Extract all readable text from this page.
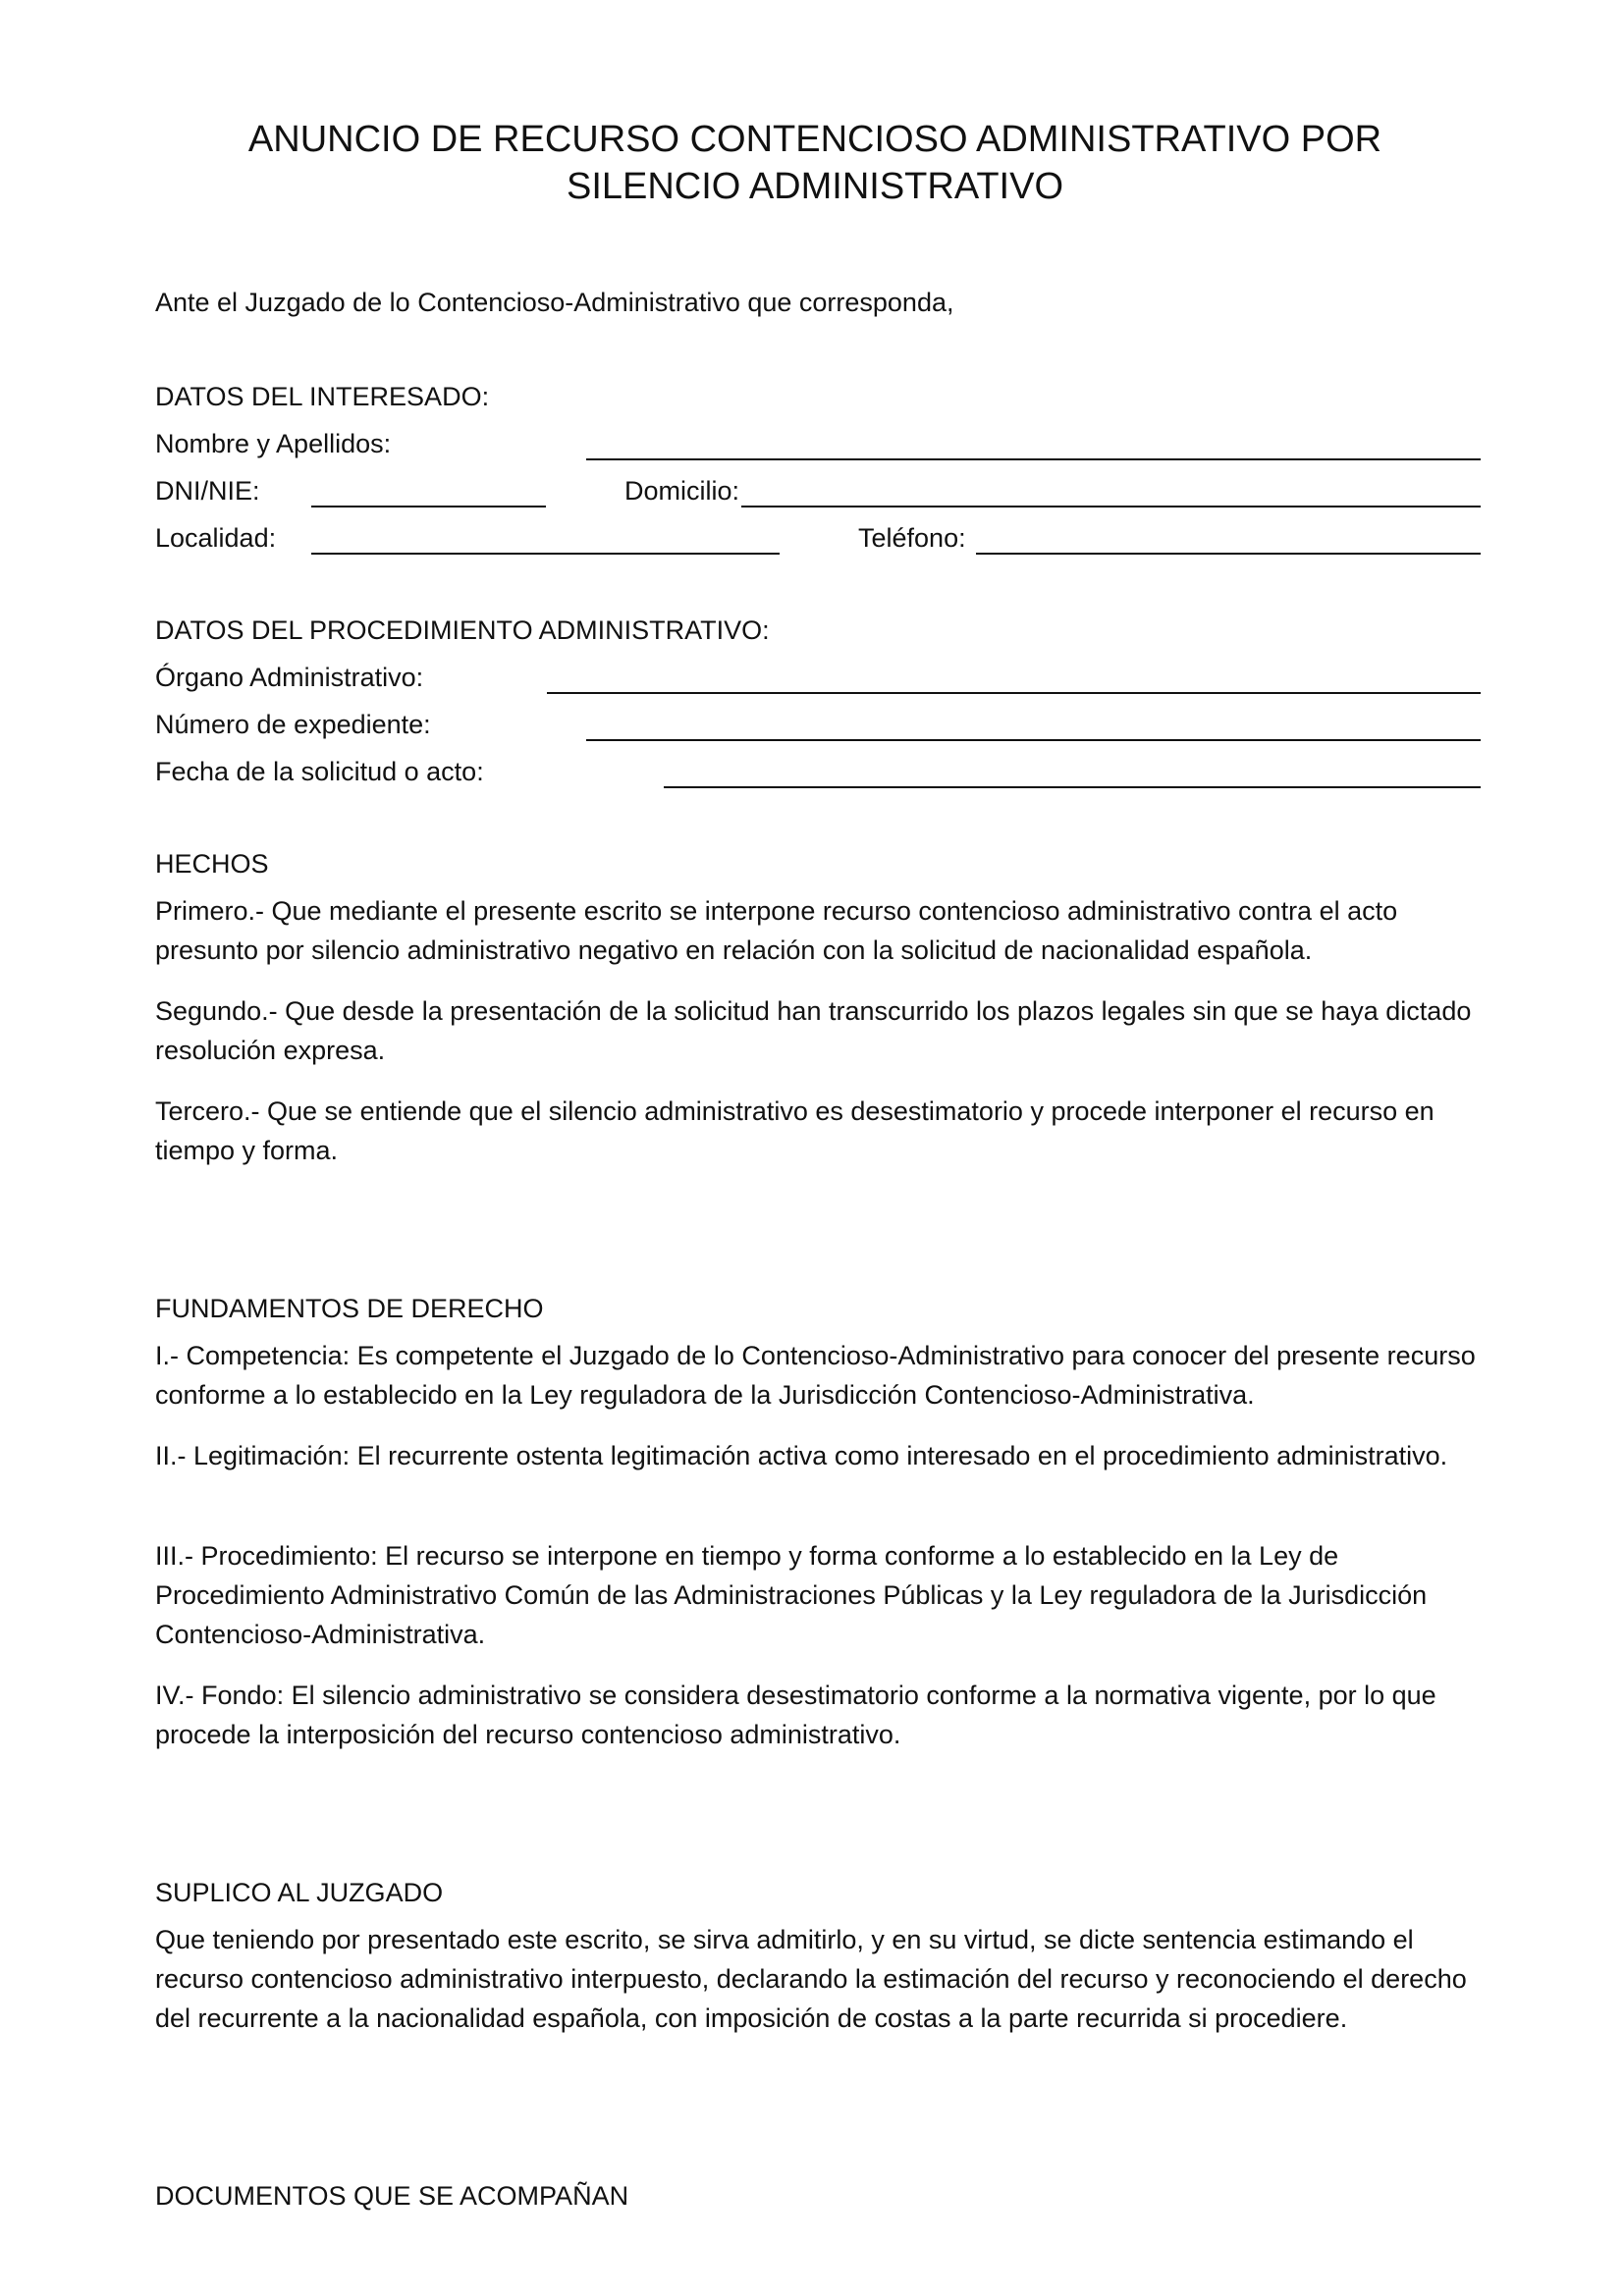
ANUNCIO DE RECURSO CONTENCIOSO ADMINISTRATIVO POR
SILENCIO ADMINISTRATIVO
Ante el Juzgado de lo Contencioso-Administrativo que corresponda,
DATOS DEL INTERESADO:
Nombre y Apellidos:
DNI/NIE:	Domicilio:
Localidad:	Teléfono:
DATOS DEL PROCEDIMIENTO ADMINISTRATIVO:
Órgano Administrativo:
Número de expediente:
Fecha de la solicitud o acto:
HECHOS
Primero.- Que mediante el presente escrito se interpone recurso contencioso administrativo contra el acto presunto por silencio administrativo negativo en relación con la solicitud de nacionalidad española.
Segundo.- Que desde la presentación de la solicitud han transcurrido los plazos legales sin que se haya dictado resolución expresa.
Tercero.- Que se entiende que el silencio administrativo es desestimatorio y procede interponer el recurso en tiempo y forma.
FUNDAMENTOS DE DERECHO
I.- Competencia: Es competente el Juzgado de lo Contencioso-Administrativo para conocer del presente recurso conforme a lo establecido en la Ley reguladora de la Jurisdicción Contencioso-Administrativa.
II.- Legitimación: El recurrente ostenta legitimación activa como interesado en el procedimiento administrativo.
III.- Procedimiento: El recurso se interpone en tiempo y forma conforme a lo establecido en la Ley de Procedimiento Administrativo Común de las Administraciones Públicas y la Ley reguladora de la Jurisdicción Contencioso-Administrativa.
IV.- Fondo: El silencio administrativo se considera desestimatorio conforme a la normativa vigente, por lo que procede la interposición del recurso contencioso administrativo.
SUPLICO AL JUZGADO
Que teniendo por presentado este escrito, se sirva admitirlo, y en su virtud, se dicte sentencia estimando el recurso contencioso administrativo interpuesto, declarando la estimación del recurso y reconociendo el derecho del recurrente a la nacionalidad española, con imposición de costas a la parte recurrida si procediere.
DOCUMENTOS QUE SE ACOMPAÑAN
